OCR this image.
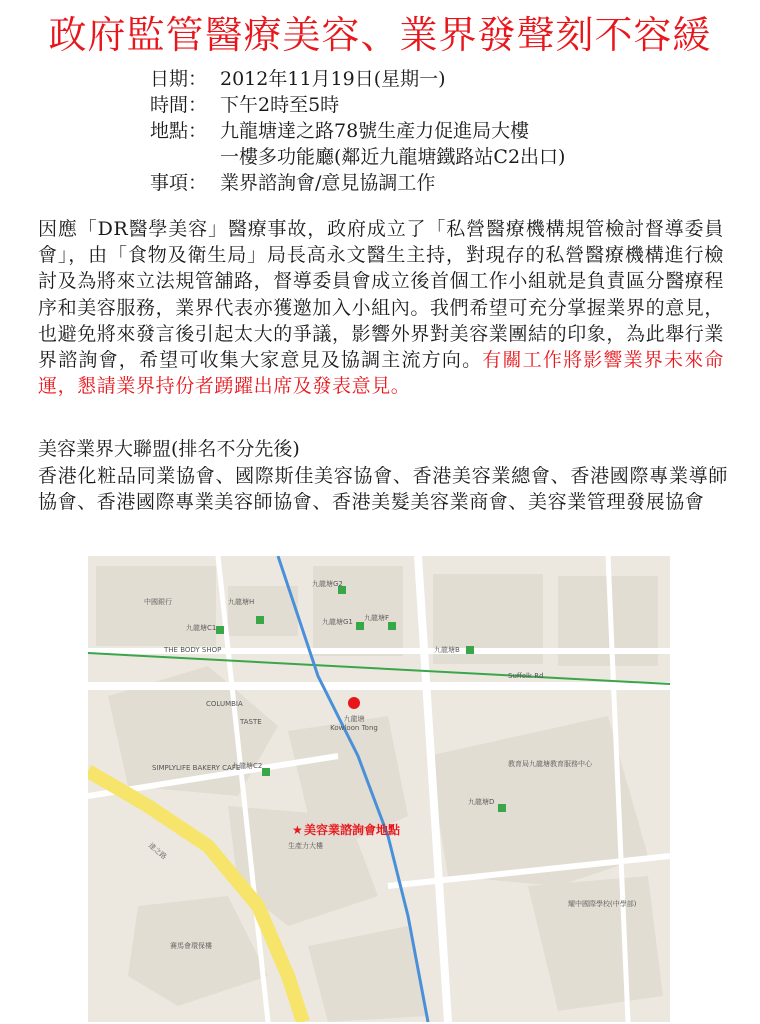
政府監管醫療美容、業界發聲刻不容緩
日期： 2012年11月19日(星期一)
時間： 下午2時至5時
地點： 九龍塘達之路78號生產力促進局大樓
一樓多功能廳(鄰近九龍塘鐵路站C2出口)
事項： 業界諮詢會/意見協調工作
因應「DR醫學美容」醫療事故，政府成立了「私營醫療機構規管檢討督導委員會」，由「食物及衛生局」局長高永文醫生主持，對現存的私營醫療機構進行檢討及為將來立法規管舖路，督導委員會成立後首個工作小組就是負責區分醫療程序和美容服務，業界代表亦獲邀加入小組內。我們希望可充分掌握業界的意見，也避免將來發言後引起太大的爭議，影響外界對美容業團結的印象，為此舉行業界諮詢會，希望可收集大家意見及協調主流方向。有關工作將影響業界未來命運，懇請業界持份者踴躍出席及發表意見。
美容業界大聯盟(排名不分先後)
香港化粧品同業協會、國際斯佳美容協會、香港美容業總會、香港國際專業導師協會、香港國際專業美容師協會、香港美髮美容業商會、美容業管理發展協會
九龍塘
Kowloon Tong
Suffolk Rd
達之路
九龍塘H
九龍塘G2
九龍塘G1 九龍塘F
九龍塘C1
九龍塘B
九龍塘C2
九龍塘D
生產力大樓
COLUMBIA
TASTE
THE BODY SHOP
SIMPLYLIFE BAKERY CAFE
中國銀行
教育局九龍塘教育服務中心
耀中國際學校(中學部)
賽馬會環保樓
★ 美容業諮詢會地點
